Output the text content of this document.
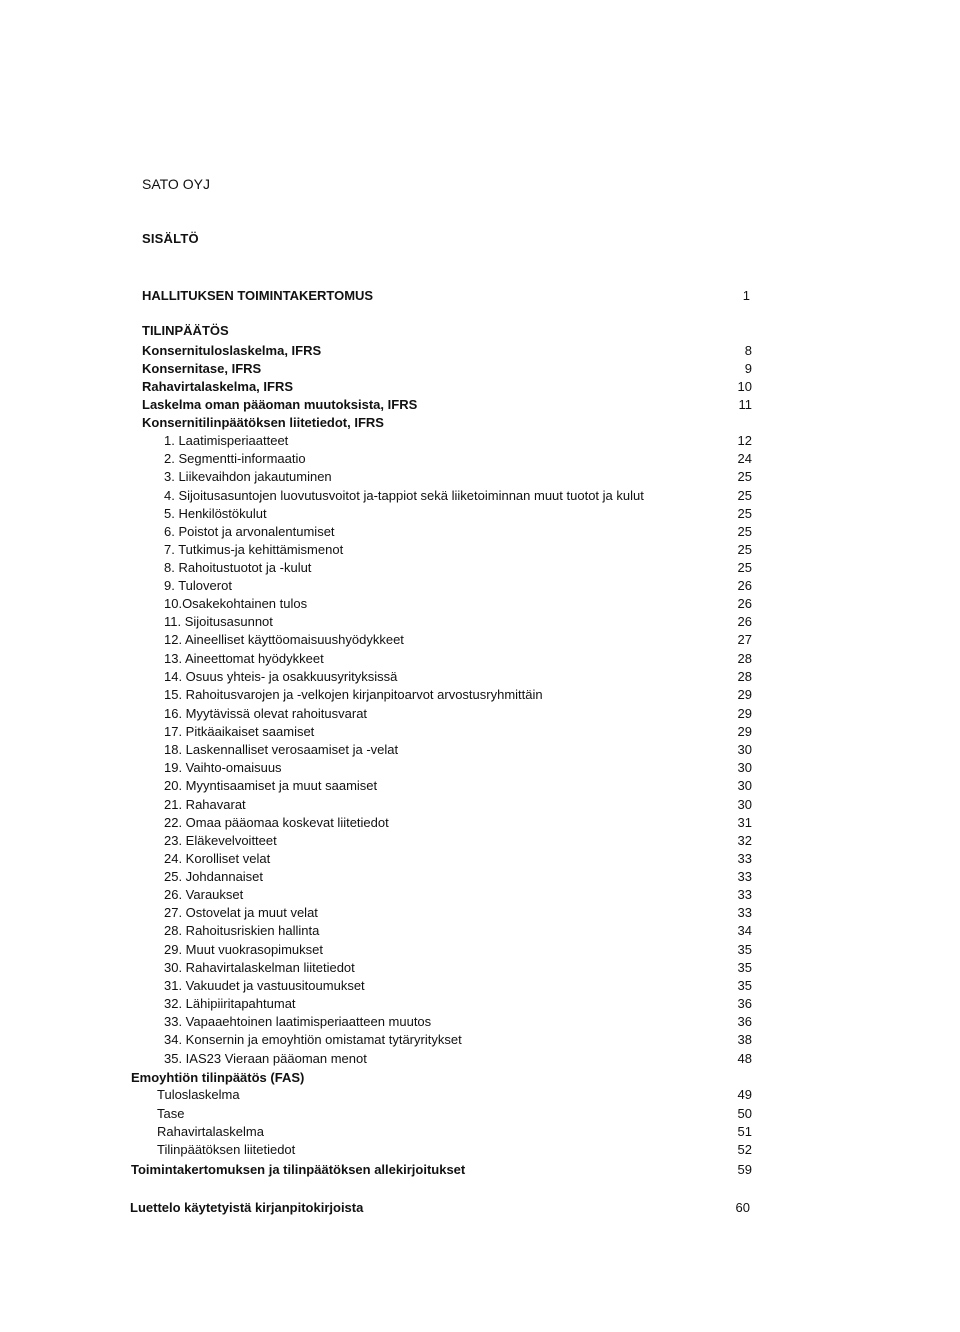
SATO OYJ
SISÄLTÖ
HALLITUKSEN TOIMINTAKERTOMUS	1
TILINPÄÄTÖS
Konsernituloslaskelma, IFRS	8
Konsernitase, IFRS	9
Rahavirtalaskelma, IFRS	10
Laskelma oman pääoman muutoksista, IFRS	11
Konsernitilinpäätöksen liitetiedot, IFRS
1. Laatimisperiaatteet	12
2. Segmentti-informaatio	24
3. Liikevaihdon jakautuminen	25
4. Sijoitusasuntojen luovutusvoitot ja-tappiot sekä liiketoiminnan muut tuotot ja kulut	25
5. Henkilöstökulut	25
6. Poistot ja arvonalentumiset	25
7. Tutkimus-ja kehittämismenot	25
8. Rahoitustuotot ja -kulut	25
9. Tuloverot	26
10.Osakekohtainen tulos	26
11. Sijoitusasunnot	26
12. Aineelliset käyttöomaisuushyödykkeet	27
13. Aineettomat hyödykkeet	28
14. Osuus yhteis- ja osakkuusyrityksissä	28
15. Rahoitusvarojen ja -velkojen kirjanpitoarvot arvostusryhmittäin	29
16. Myytävissä olevat rahoitusvarat	29
17. Pitkäaikaiset saamiset	29
18. Laskennalliset verosaamiset ja -velat	30
19. Vaihto-omaisuus	30
20. Myyntisaamiset ja muut saamiset	30
21. Rahavarat	30
22. Omaa pääomaa koskevat liitetiedot	31
23. Eläkevelvoitteet	32
24. Korolliset velat	33
25. Johdannaiset	33
26. Varaukset	33
27. Ostovelat ja muut velat	33
28. Rahoitusriskien hallinta	34
29. Muut vuokrasopimukset	35
30. Rahavirtalaskelman liitetiedot	35
31. Vakuudet ja vastuusitoumukset	35
32. Lähipiiritapahtumat	36
33. Vapaaehtoinen laatimisperiaatteen muutos	36
34. Konsernin ja emoyhtiön omistamat tytäryritykset	38
35. IAS23 Vieraan pääoman menot	48
Emoyhtiön tilinpäätös (FAS)
Tuloslaskelma	49
Tase	50
Rahavirtalaskelma	51
Tilinpäätöksen liitetiedot	52
Toimintakertomuksen ja tilinpäätöksen allekirjoitukset	59
Luettelo käytetyistä kirjanpitokirjoista	60
